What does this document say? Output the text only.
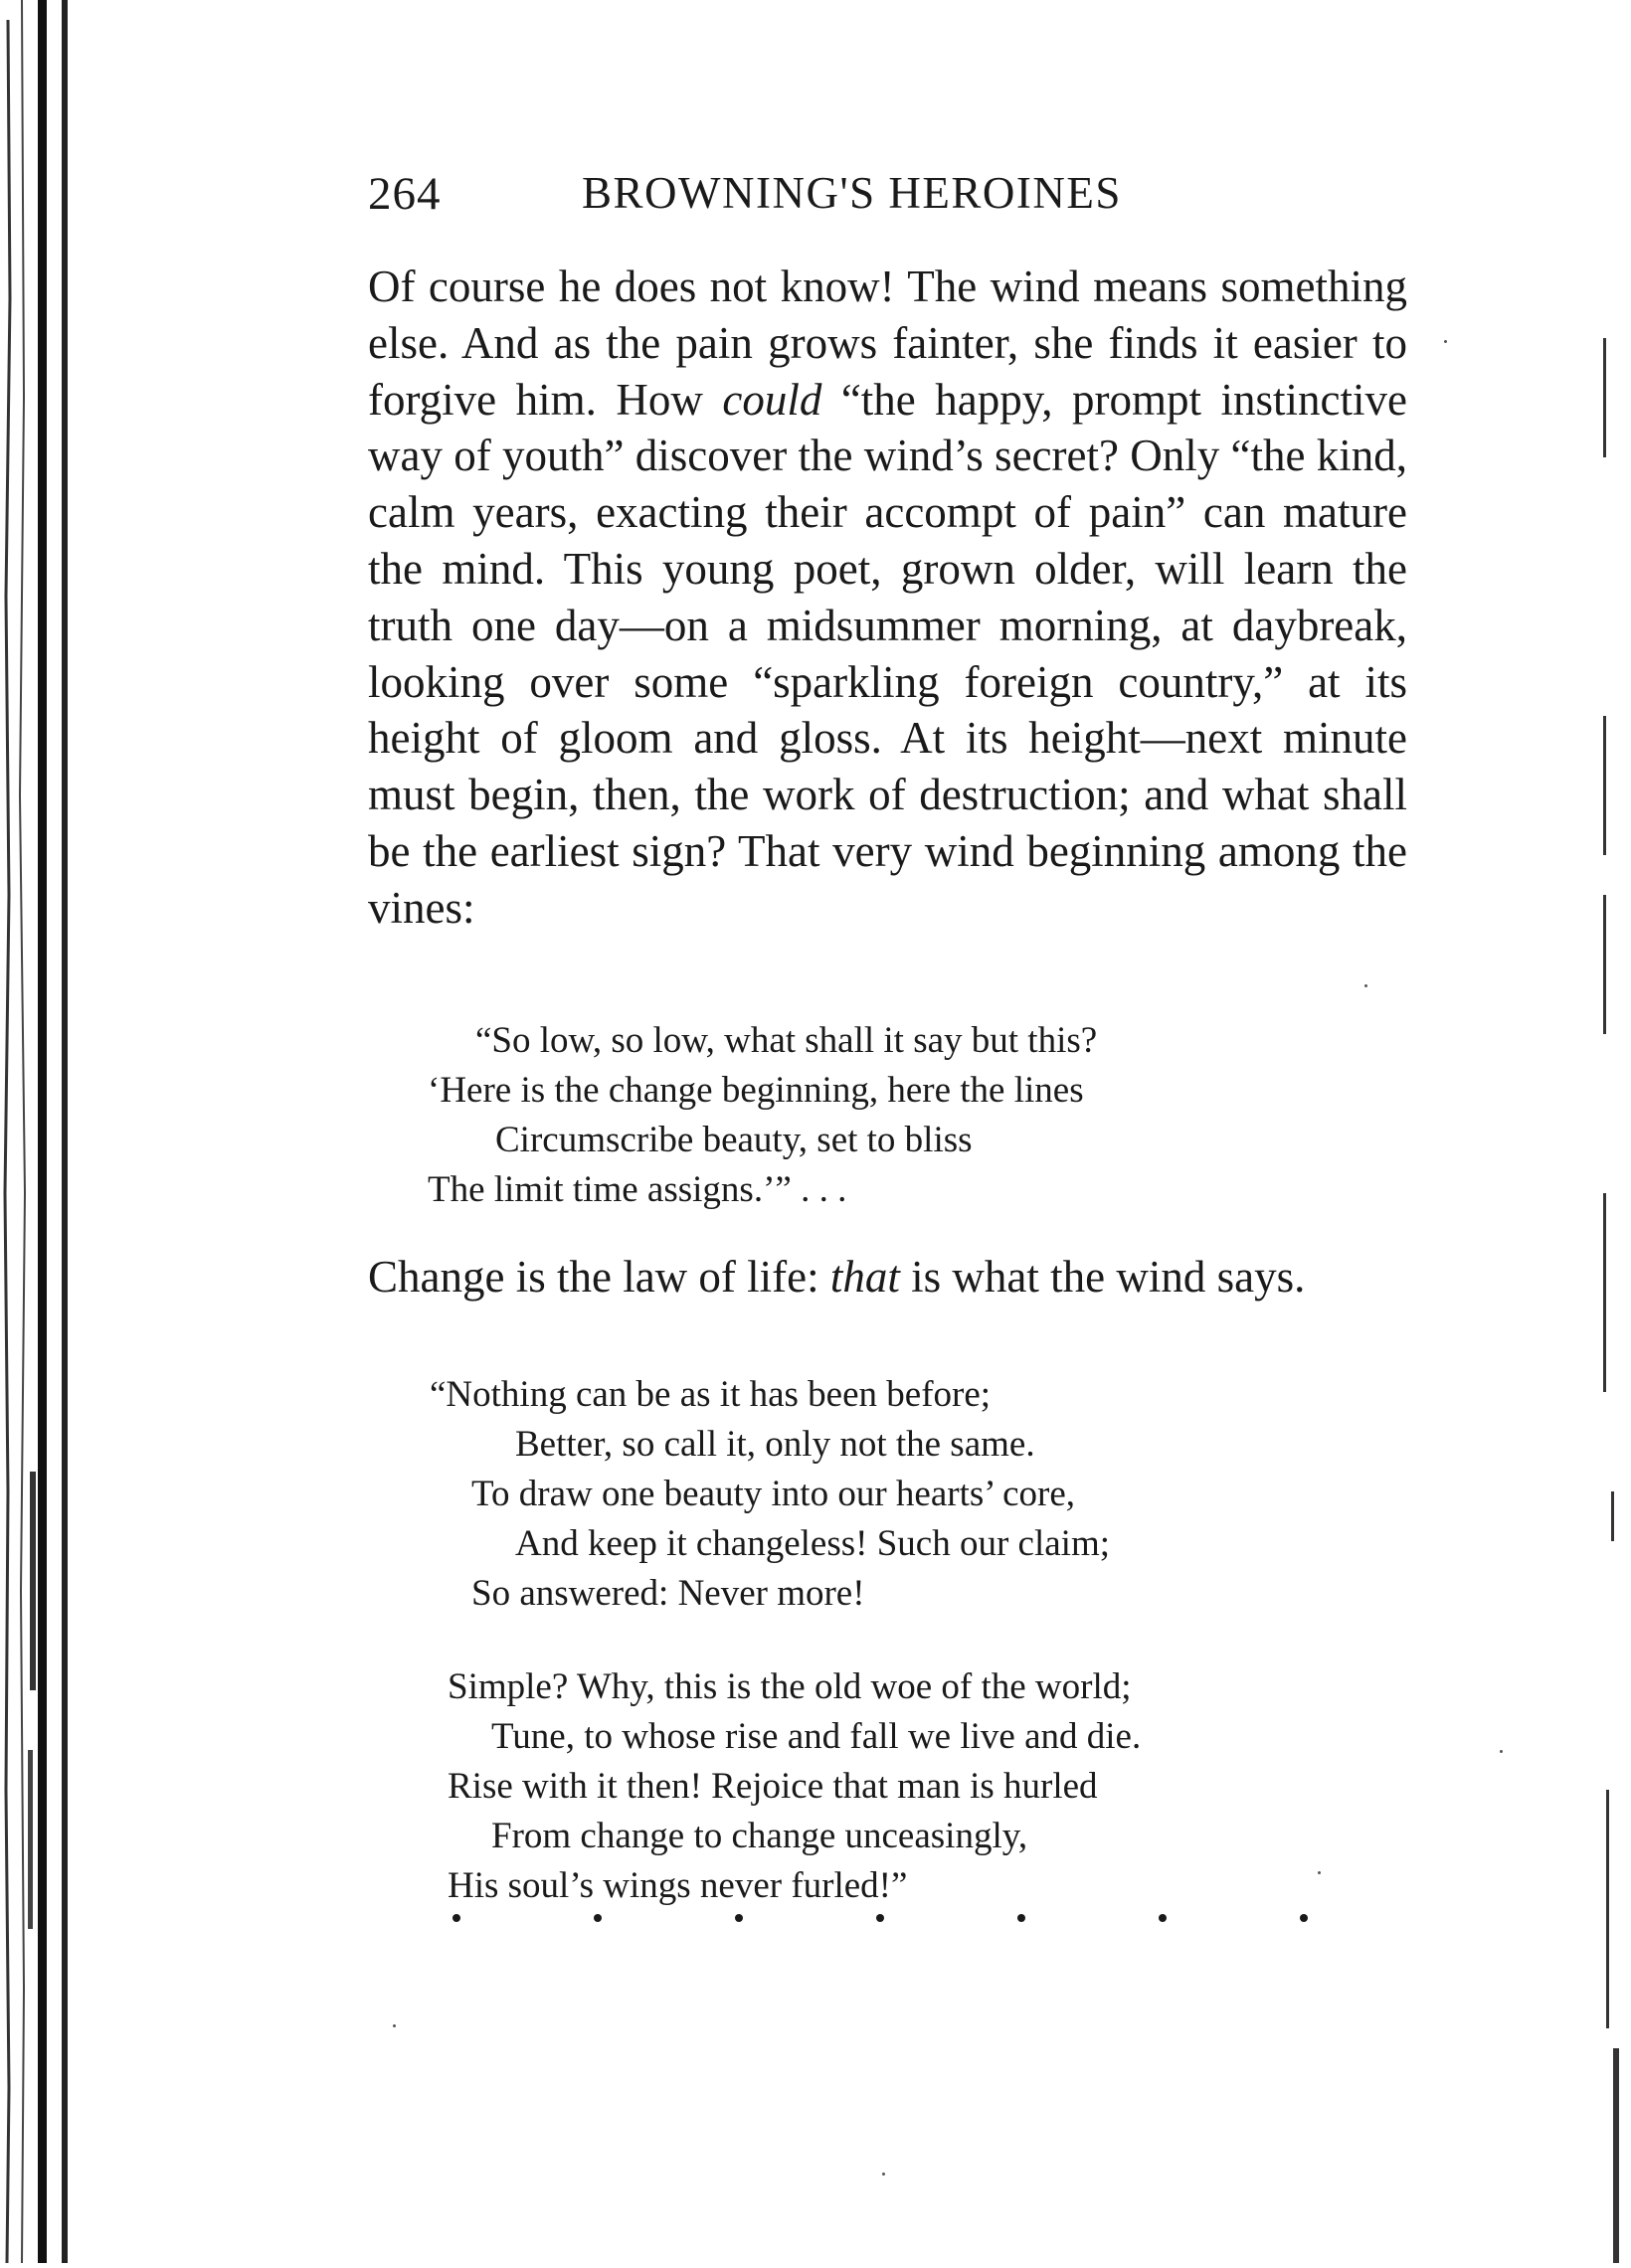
264	BROWNING'S HEROINES

Of course he does not know! The wind means something else. And as the pain grows fainter, she finds it easier to forgive him. How could “the happy, prompt instinctive way of youth” discover the wind’s secret? Only “the kind, calm years, exacting their accompt of pain” can mature the mind. This young poet, grown older, will learn the truth one day—on a midsummer morning, at daybreak, looking over some “sparkling foreign country,” at its height of gloom and gloss. At its height—next minute must begin, then, the work of destruction; and what shall be the earliest sign? That very wind beginning among the vines:

“So low, so low, what shall it say but this?
‘Here is the change beginning, here the lines
Circumscribe beauty, set to bliss
The limit time assigns.’” . . .

Change is the law of life: that is what the wind says.

“Nothing can be as it has been before;
Better, so call it, only not the same.
To draw one beauty into our hearts’ core,
And keep it changeless! Such our claim;
So answered: Never more!
Simple? Why, this is the old woe of the world;
Tune, to whose rise and fall we live and die.
Rise with it then! Rejoice that man is hurled
From change to change unceasingly,
His soul’s wings never furled!”
